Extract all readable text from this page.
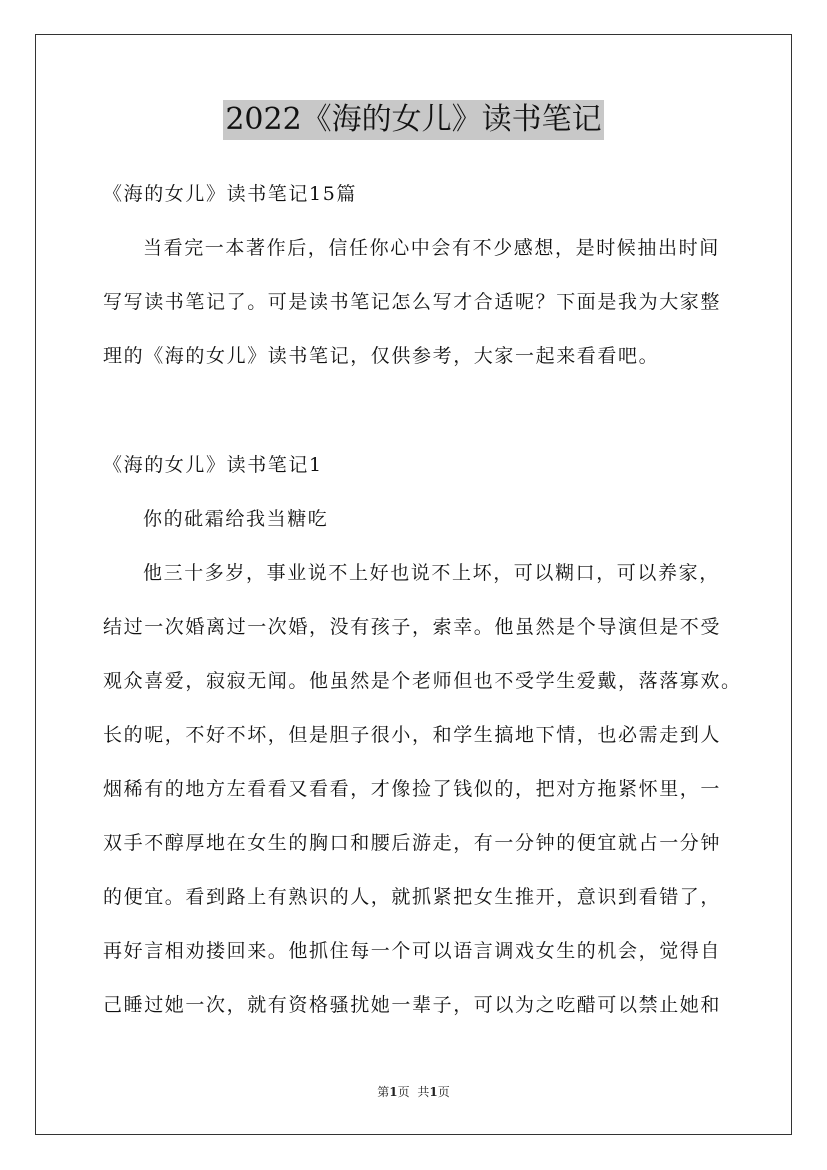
2022《海的女儿》读书笔记
《海的女儿》读书笔记15篇
当看完一本著作后，信任你心中会有不少感想，是时候抽出时间
写写读书笔记了。可是读书笔记怎么写才合适呢？下面是我为大家整
理的《海的女儿》读书笔记，仅供参考，大家一起来看看吧。
《海的女儿》读书笔记1
你的砒霜给我当糖吃
他三十多岁，事业说不上好也说不上坏，可以糊口，可以养家，
结过一次婚离过一次婚，没有孩子，索幸。他虽然是个导演但是不受
观众喜爱，寂寂无闻。他虽然是个老师但也不受学生爱戴，落落寡欢。
长的呢，不好不坏，但是胆子很小，和学生搞地下情，也必需走到人
烟稀有的地方左看看又看看，才像捡了钱似的，把对方拖紧怀里，一
双手不醇厚地在女生的胸口和腰后游走，有一分钟的便宜就占一分钟
的便宜。看到路上有熟识的人，就抓紧把女生推开，意识到看错了，
再好言相劝搂回来。他抓住每一个可以语言调戏女生的机会，觉得自
己睡过她一次，就有资格骚扰她一辈子，可以为之吃醋可以禁止她和
第1页 共1页
